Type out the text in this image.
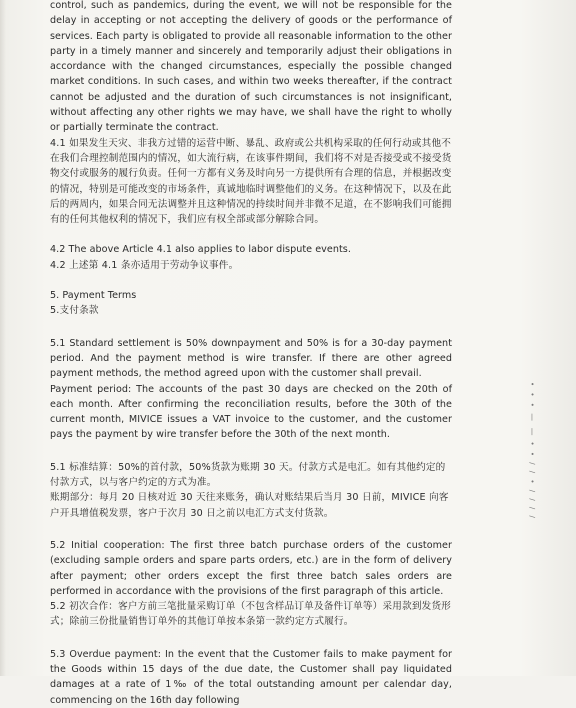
control, such as pandemics, during the event, we will not be responsible for the delay in accepting or not accepting the delivery of goods or the performance of services. Each party is obligated to provide all reasonable information to the other party in a timely manner and sincerely and temporarily adjust their obligations in accordance with the changed circumstances, especially the possible changed market conditions. In such cases, and within two weeks thereafter, if the contract cannot be adjusted and the duration of such circumstances is not insignificant, without affecting any other rights we may have, we shall have the right to wholly or partially terminate the contract.

4.1 如果发生天灾、非我方过错的运营中断、暴乱、政府或公共机构采取的任何行动或其他不在我们合理控制范围内的情况，如大流行病，在该事件期间，我们将不对是否接受或不接受货物交付或服务的履行负责。任何一方都有义务及时向另一方提供所有合理的信息，并根据改变的情况，特别是可能改变的市场条件，真诚地临时调整他们的义务。在这种情况下，以及在此后的两周内，如果合同无法调整并且这种情况的持续时间并非微不足道，在不影响我们可能拥有的任何其他权利的情况下，我们应有权全部或部分解除合同。

4.2 The above Article 4.1 also applies to labor dispute events.

4.2 上述第 4.1 条亦适用于劳动争议事件。

5. Payment Terms

5.支付条款

5.1 Standard settlement is 50% downpayment and 50% is for a 30-day payment period. And the payment method is wire transfer. If there are other agreed payment methods, the method agreed upon with the customer shall prevail.

Payment period: The accounts of the past 30 days are checked on the 20th of each month. After confirming the reconciliation results, before the 30th of the current month, MIVICE issues a VAT invoice to the customer, and the customer pays the payment by wire transfer before the 30th of the next month.

5.1 标准结算：50%的首付款，50%货款为账期 30 天。付款方式是电汇。如有其他约定的付款方式，以与客户约定的方式为准。

账期部分：每月 20 日核对近 30 天往来账务，确认对账结果后当月 30 日前，MIVICE 向客户开具增值税发票，客户于次月 30 日之前以电汇方式支付货款。

5.2 Initial cooperation: The first three batch purchase orders of the customer (excluding sample orders and spare parts orders, etc.) are in the form of delivery after payment; other orders except the first three batch sales orders are performed in accordance with the provisions of the first paragraph of this article.

5.2 初次合作：客户方前三笔批量采购订单（不包含样品订单及备件订单等）采用款到发货形式；除前三份批量销售订单外的其他订单按本条第一款约定方式履行。

5.3 Overdue payment: In the event that the Customer fails to make payment for the Goods within 15 days of the due date, the Customer shall pay liquidated damages at a rate of 1‰ of the total outstanding amount per calendar day, commencing on the 16th day following

• • • ❘ ❘ • • ∕ ∕ • ∕ ∕ ∕ ∕
